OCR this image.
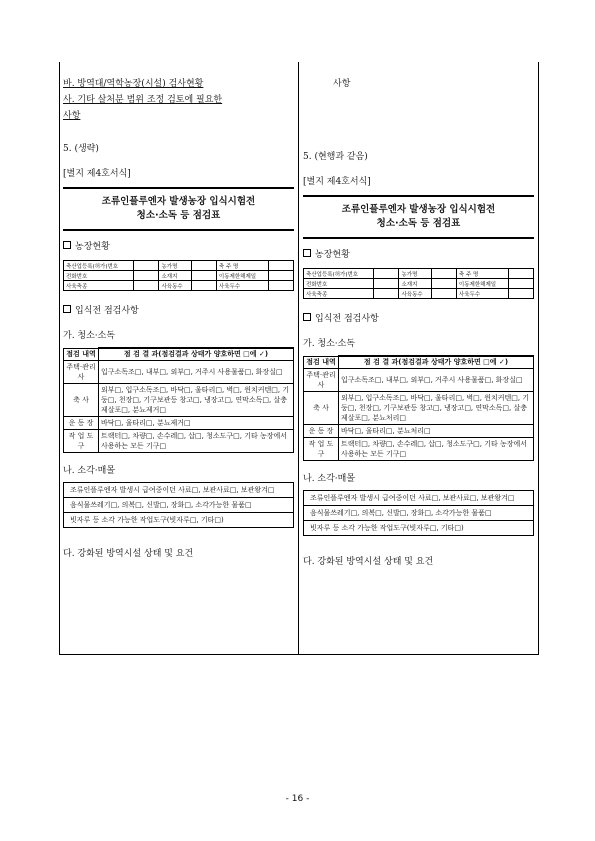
바. 방역대/역학농장(시설) 검사현황
사. 기타 살처분 범위 조정 검토에 필요한
사항
5. (생략)
[별지 제4호서식]
조류인플루엔자 발생농장 입식시험전
청소·소독 등 점검표
농장현황
축산업등록(허가)번호		농가명		축 주 명	
전화번호		소재지		이동제한해제일	
사육축종		사육동수		사육두수	
입식전 점검사항
가. 청소·소독
점검 내역	점 검 결 과(점검결과 상태가 양호하면 □에 ✓)
주택·관리사	입구소독조□, 내부□, 외부□, 거주시 사용물품□, 화장실□
축 사	외부□, 입구소독조□, 바닥□, 울타리□, 벽□, 윈치커텐□, 기둥□, 천장□, 기구보관등 창고□, 냉장고□, 연막소독□, 살충제살포□, 분뇨제거□
운 동 장	바닥□, 울타리□, 분뇨제거□
작 업 도 구	트랙터□, 차량□, 손수레□, 삽□, 청소도구□, 기타 농장에서 사용하는 모든 기구□
나. 소각·매몰
조류인플루엔자 발생시 급여중이던 사료□, 보관사료□, 보관왕겨□
음식물쓰레기□, 의복□, 신발□, 장화□, 소각가능한 물품□
빗자루 등 소각 가능한 작업도구(빗자루□, 기타□)
다. 강화된 방역시설 상태 및 요건
사항
5. (현행과 같음)
[별지 제4호서식]
조류인플루엔자 발생농장 입식시험전
청소·소독 등 점검표
농장현황
축산업등록(허가)번호		농가명		축 주 명	
전화번호		소재지		이동제한해제일	
사육축종		사육동수		사육두수	
입식전 점검사항
가. 청소·소독
점검 내역	점 검 결 과(점검결과 상태가 양호하면 □에 ✓)
주택·관리사	입구소독조□, 내부□, 외부□, 거주시 사용물품□, 화장실□
축 사	외부□, 입구소독조□, 바닥□, 울타리□, 벽□, 윈치커텐□, 기둥□, 천장□, 기구보관등 창고□, 냉장고□, 연막소독□, 살충제살포□, 분뇨처리□
운 동 장	바닥□, 울타리□, 분뇨처리□
작 업 도 구	트랙터□, 차량□, 손수레□, 삽□, 청소도구□, 기타 농장에서 사용하는 모든 기구□
나. 소각·매몰
조류인플루엔자 발생시 급여중이던 사료□, 보관사료□, 보관왕겨□
음식물쓰레기□, 의복□, 신발□, 장화□, 소각가능한 물품□
빗자루 등 소각 가능한 작업도구(빗자루□, 기타□)
다. 강화된 방역시설 상태 및 요건
- 16 -
